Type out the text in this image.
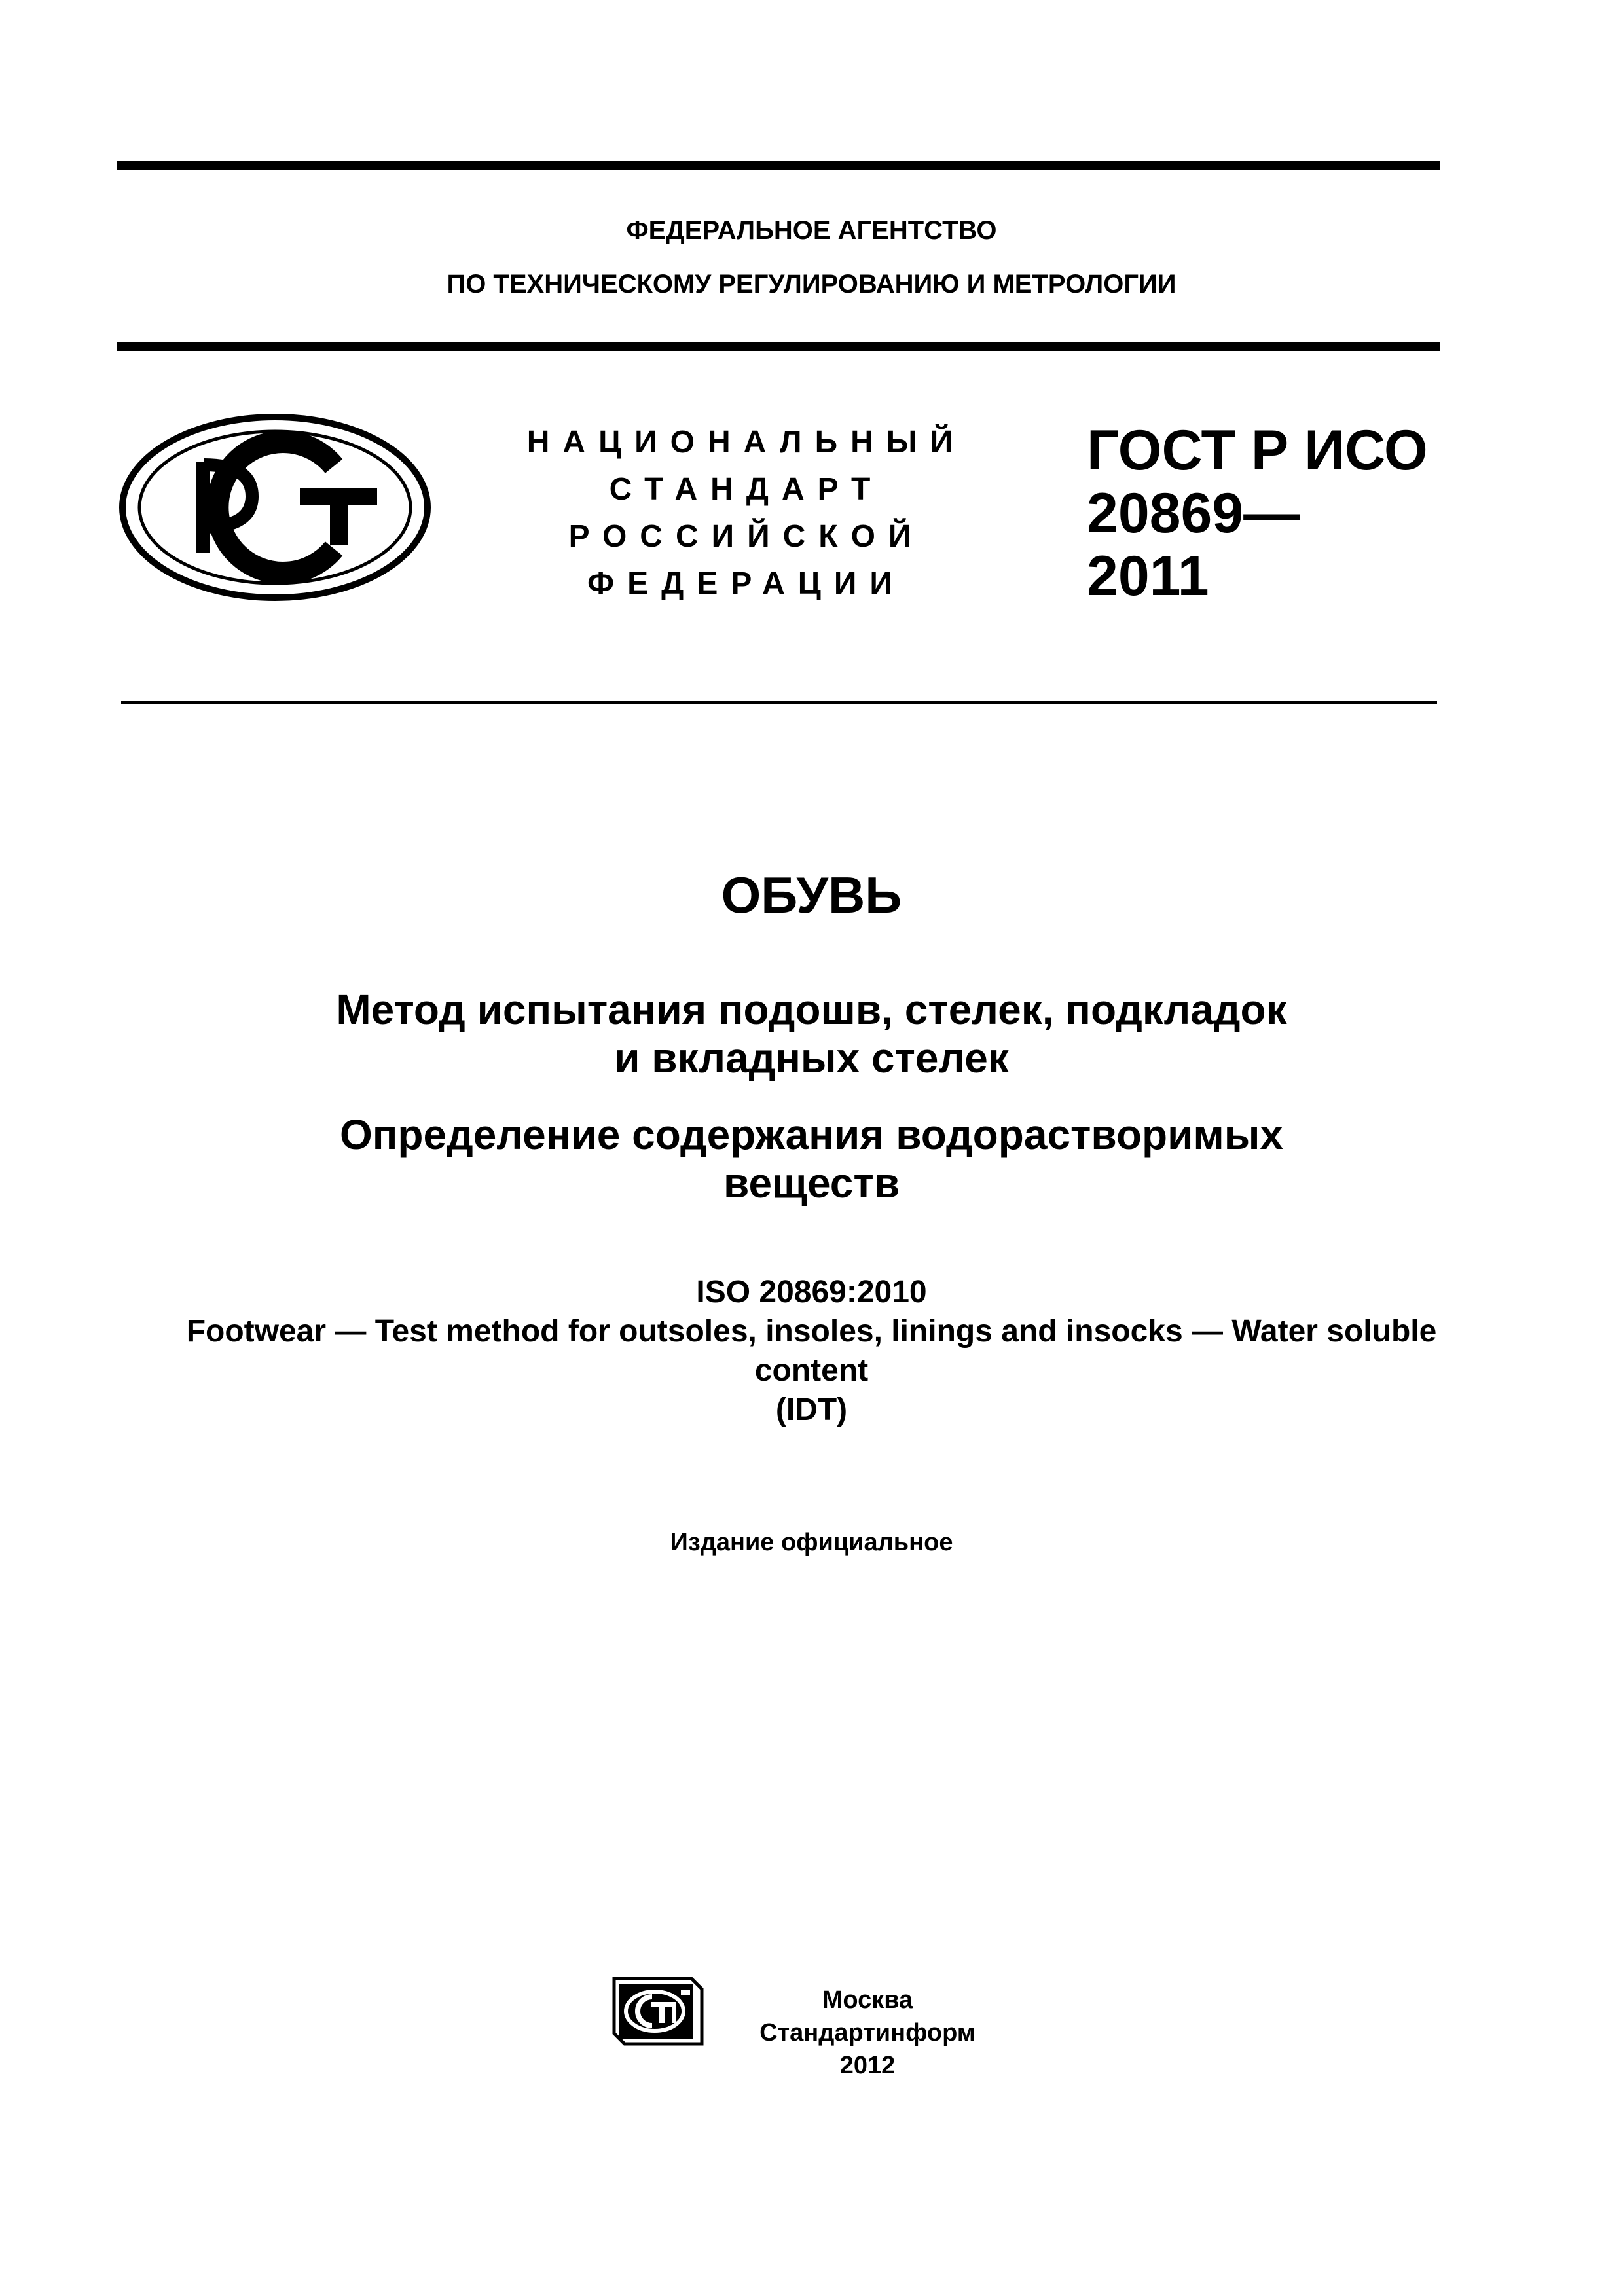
ФЕДЕРАЛЬНОЕ АГЕНТСТВО
ПО ТЕХНИЧЕСКОМУ РЕГУЛИРОВАНИЮ И МЕТРОЛОГИИ
НАЦИОНАЛЬНЫЙ
СТАНДАРТ
РОССИЙСКОЙ
ФЕДЕРАЦИИ
ГОСТ Р ИСО
20869—
2011
ОБУВЬ
Метод испытания подошв, стелек, подкладок
и вкладных стелек
Определение содержания водорастворимых
веществ
ISO 20869:2010
Footwear — Test method for outsoles, insoles, linings and insocks — Water soluble
content
(IDT)
Издание официальное
Москва
Стандартинформ
2012
